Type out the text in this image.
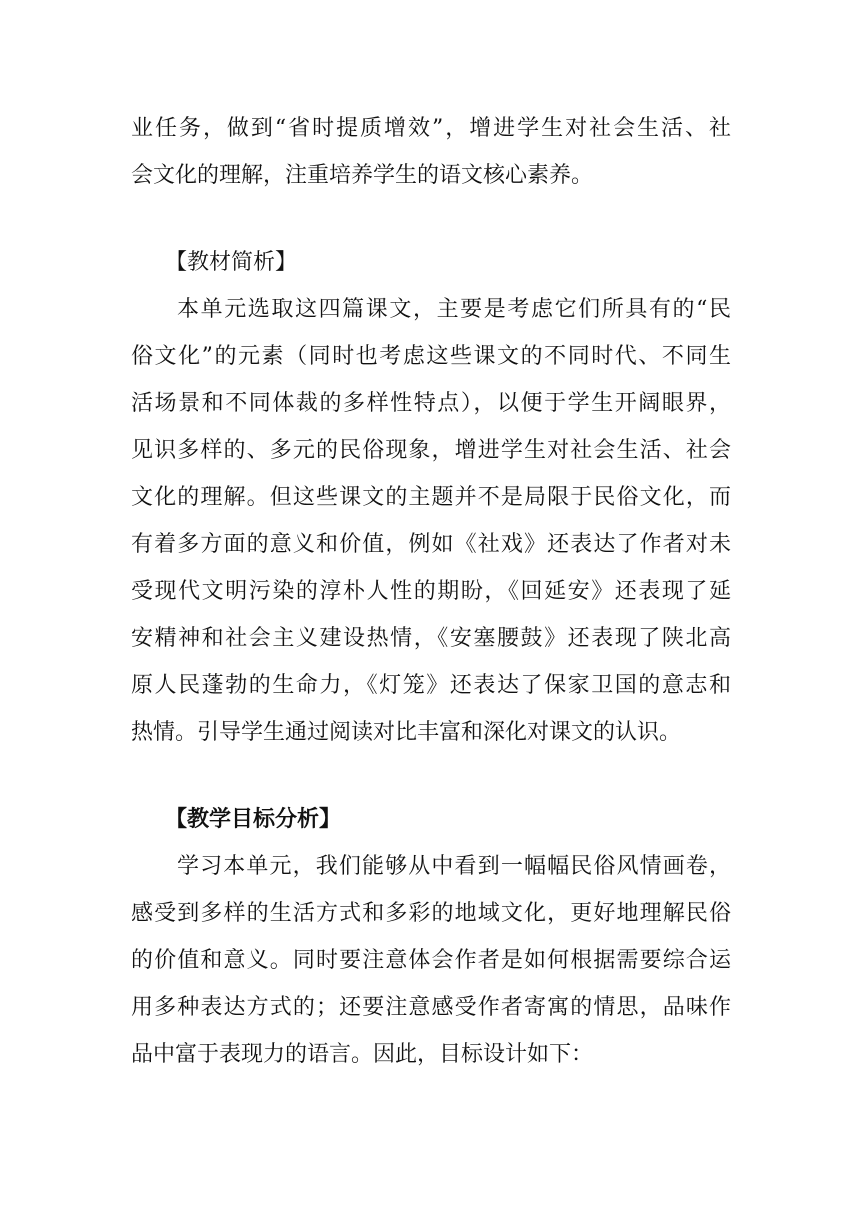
业任务，做到“省时提质增效”，增进学生对社会生活、社
会文化的理解，注重培养学生的语文核心素养。
【教材简析】
本单元选取这四篇课文，主要是考虑它们所具有的“民
俗文化”的元素（同时也考虑这些课文的不同时代、不同生
活场景和不同体裁的多样性特点），以便于学生开阔眼界，
见识多样的、多元的民俗现象，增进学生对社会生活、社会
文化的理解。但这些课文的主题并不是局限于民俗文化，而
有着多方面的意义和价值，例如《社戏》还表达了作者对未
受现代文明污染的淳朴人性的期盼，《回延安》还表现了延
安精神和社会主义建设热情，《安塞腰鼓》还表现了陕北高
原人民蓬勃的生命力，《灯笼》还表达了保家卫国的意志和
热情。引导学生通过阅读对比丰富和深化对课文的认识。
【教学目标分析】
学习本单元，我们能够从中看到一幅幅民俗风情画卷，
感受到多样的生活方式和多彩的地域文化，更好地理解民俗
的价值和意义。同时要注意体会作者是如何根据需要综合运
用多种表达方式的；还要注意感受作者寄寓的情思，品味作
品中富于表现力的语言。因此，目标设计如下：
